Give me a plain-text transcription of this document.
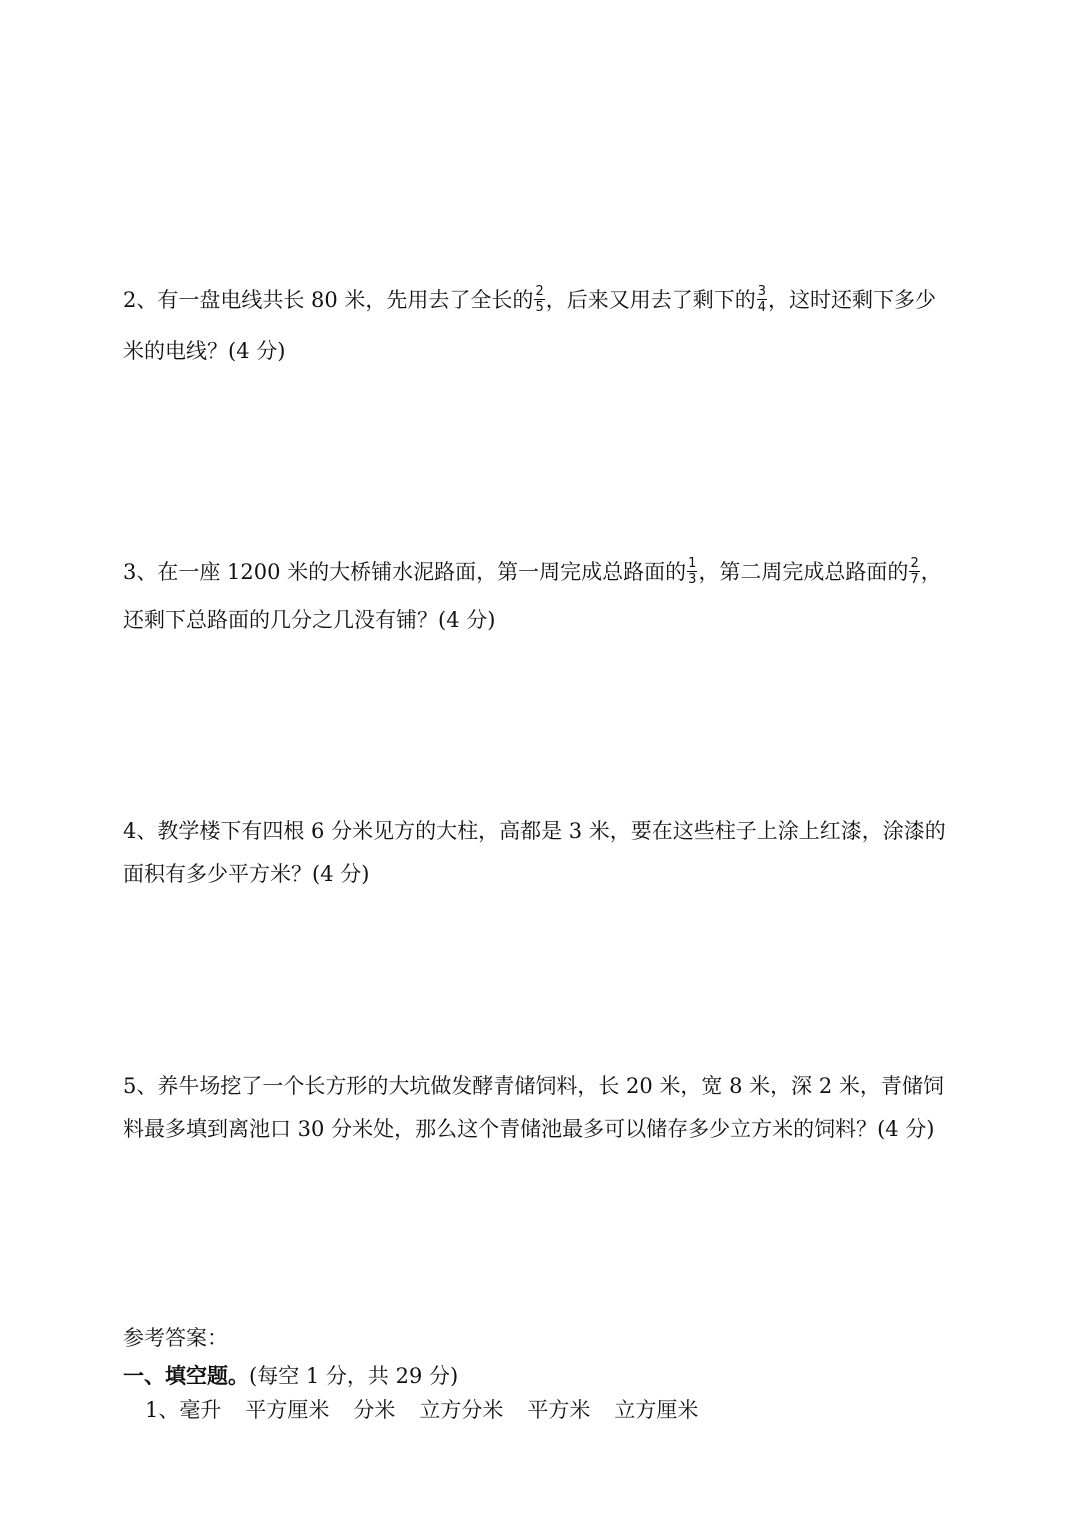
2、有一盘电线共长 80 米，先用去了全长的 $\frac{2}{5}$ ，后来又用去了剩下的 $\frac{3}{4}$ ，这时还剩下多少
米的电线？(4 分)
3、在一座 1200 米的大桥铺水泥路面，第一周完成总路面的 $\frac{1}{3}$ ，第二周完成总路面的 $\frac{2}{7}$ ，
还剩下总路面的几分之几没有铺？(4 分)
4、教学楼下有四根 6 分米见方的大柱，高都是 3 米，要在这些柱子上涂上红漆，涂漆的
面积有多少平方米？(4 分)
5、养牛场挖了一个长方形的大坑做发酵青储饲料，长 20 米，宽 8 米，深 2 米，青储饲
料最多填到离池口 30 分米处，那么这个青储池最多可以储存多少立方米的饲料？(4 分)
参考答案：
一、填空题。(每空 1 分，共 29 分)
1、毫升 平方厘米 分米 立方分米 平方米 立方厘米
